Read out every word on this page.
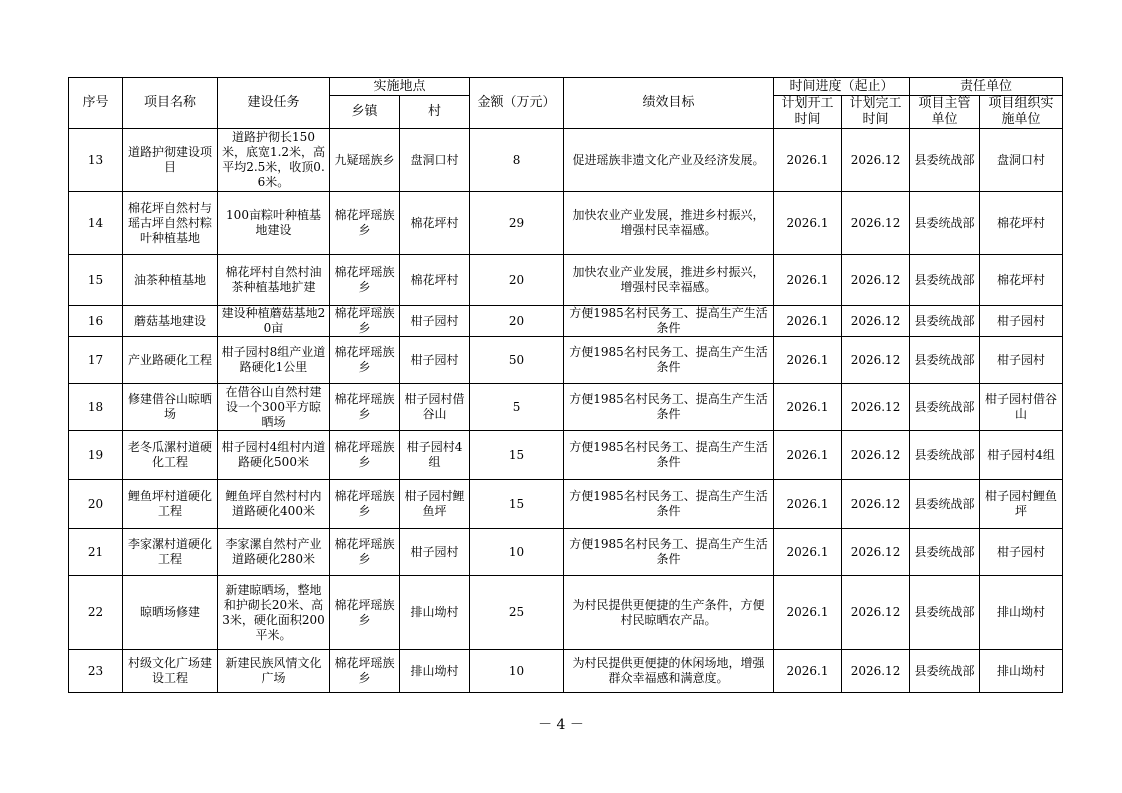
序号	项目名称	建设任务	实施地点		金额（万元）	绩效目标	时间进度（起止）		责任单位	
			乡镇	村			计划开工时间	计划完工时间	项目主管单位	项目组织实施单位
13	道路护彻建设项目	道路护彻长150米，底宽1.2米，高平均2.5米，收顶0.6米。	九疑瑶族乡	盘洞口村	8	促进瑶族非遗文化产业及经济发展。	2026.1	2026.12	县委统战部	盘洞口村
14	棉花坪自然村与瑶古坪自然村粽叶种植基地	100亩粽叶种植基地建设	棉花坪瑶族乡	棉花坪村	29	加快农业产业发展，推进乡村振兴，增强村民幸福感。	2026.1	2026.12	县委统战部	棉花坪村
15	油茶种植基地	棉花坪村自然村油茶种植基地扩建	棉花坪瑶族乡	棉花坪村	20	加快农业产业发展，推进乡村振兴，增强村民幸福感。	2026.1	2026.12	县委统战部	棉花坪村
16	蘑菇基地建设	建设种植蘑菇基地20亩	棉花坪瑶族乡	柑子园村	20	方便1985名村民务工、提高生产生活条件	2026.1	2026.12	县委统战部	柑子园村
17	产业路硬化工程	柑子园村8组产业道路硬化1公里	棉花坪瑶族乡	柑子园村	50	方便1985名村民务工、提高生产生活条件	2026.1	2026.12	县委统战部	柑子园村
18	修建借谷山晾晒场	在借谷山自然村建设一个300平方晾晒场	棉花坪瑶族乡	柑子园村借谷山	5	方便1985名村民务工、提高生产生活条件	2026.1	2026.12	县委统战部	柑子园村借谷山
19	老冬瓜漯村道硬化工程	柑子园村4组村内道路硬化500米	棉花坪瑶族乡	柑子园村4组	15	方便1985名村民务工、提高生产生活条件	2026.1	2026.12	县委统战部	柑子园村4组
20	鲤鱼坪村道硬化工程	鲤鱼坪自然村村内道路硬化400米	棉花坪瑶族乡	柑子园村鲤鱼坪	15	方便1985名村民务工、提高生产生活条件	2026.1	2026.12	县委统战部	柑子园村鲤鱼坪
21	李家漯村道硬化工程	李家漯自然村产业道路硬化280米	棉花坪瑶族乡	柑子园村	10	方便1985名村民务工、提高生产生活条件	2026.1	2026.12	县委统战部	柑子园村
22	晾晒场修建	新建晾晒场，整地和护砌长20米、高3米，硬化面积200平米。	棉花坪瑶族乡	排山坳村	25	为村民提供更便捷的生产条件，方便村民晾晒农产品。	2026.1	2026.12	县委统战部	排山坳村
23	村级文化广场建设工程	新建民族风情文化广场	棉花坪瑶族乡	排山坳村	10	为村民提供更便捷的休闲场地，增强群众幸福感和满意度。	2026.1	2026.12	县委统战部	排山坳村
－ 4 －
